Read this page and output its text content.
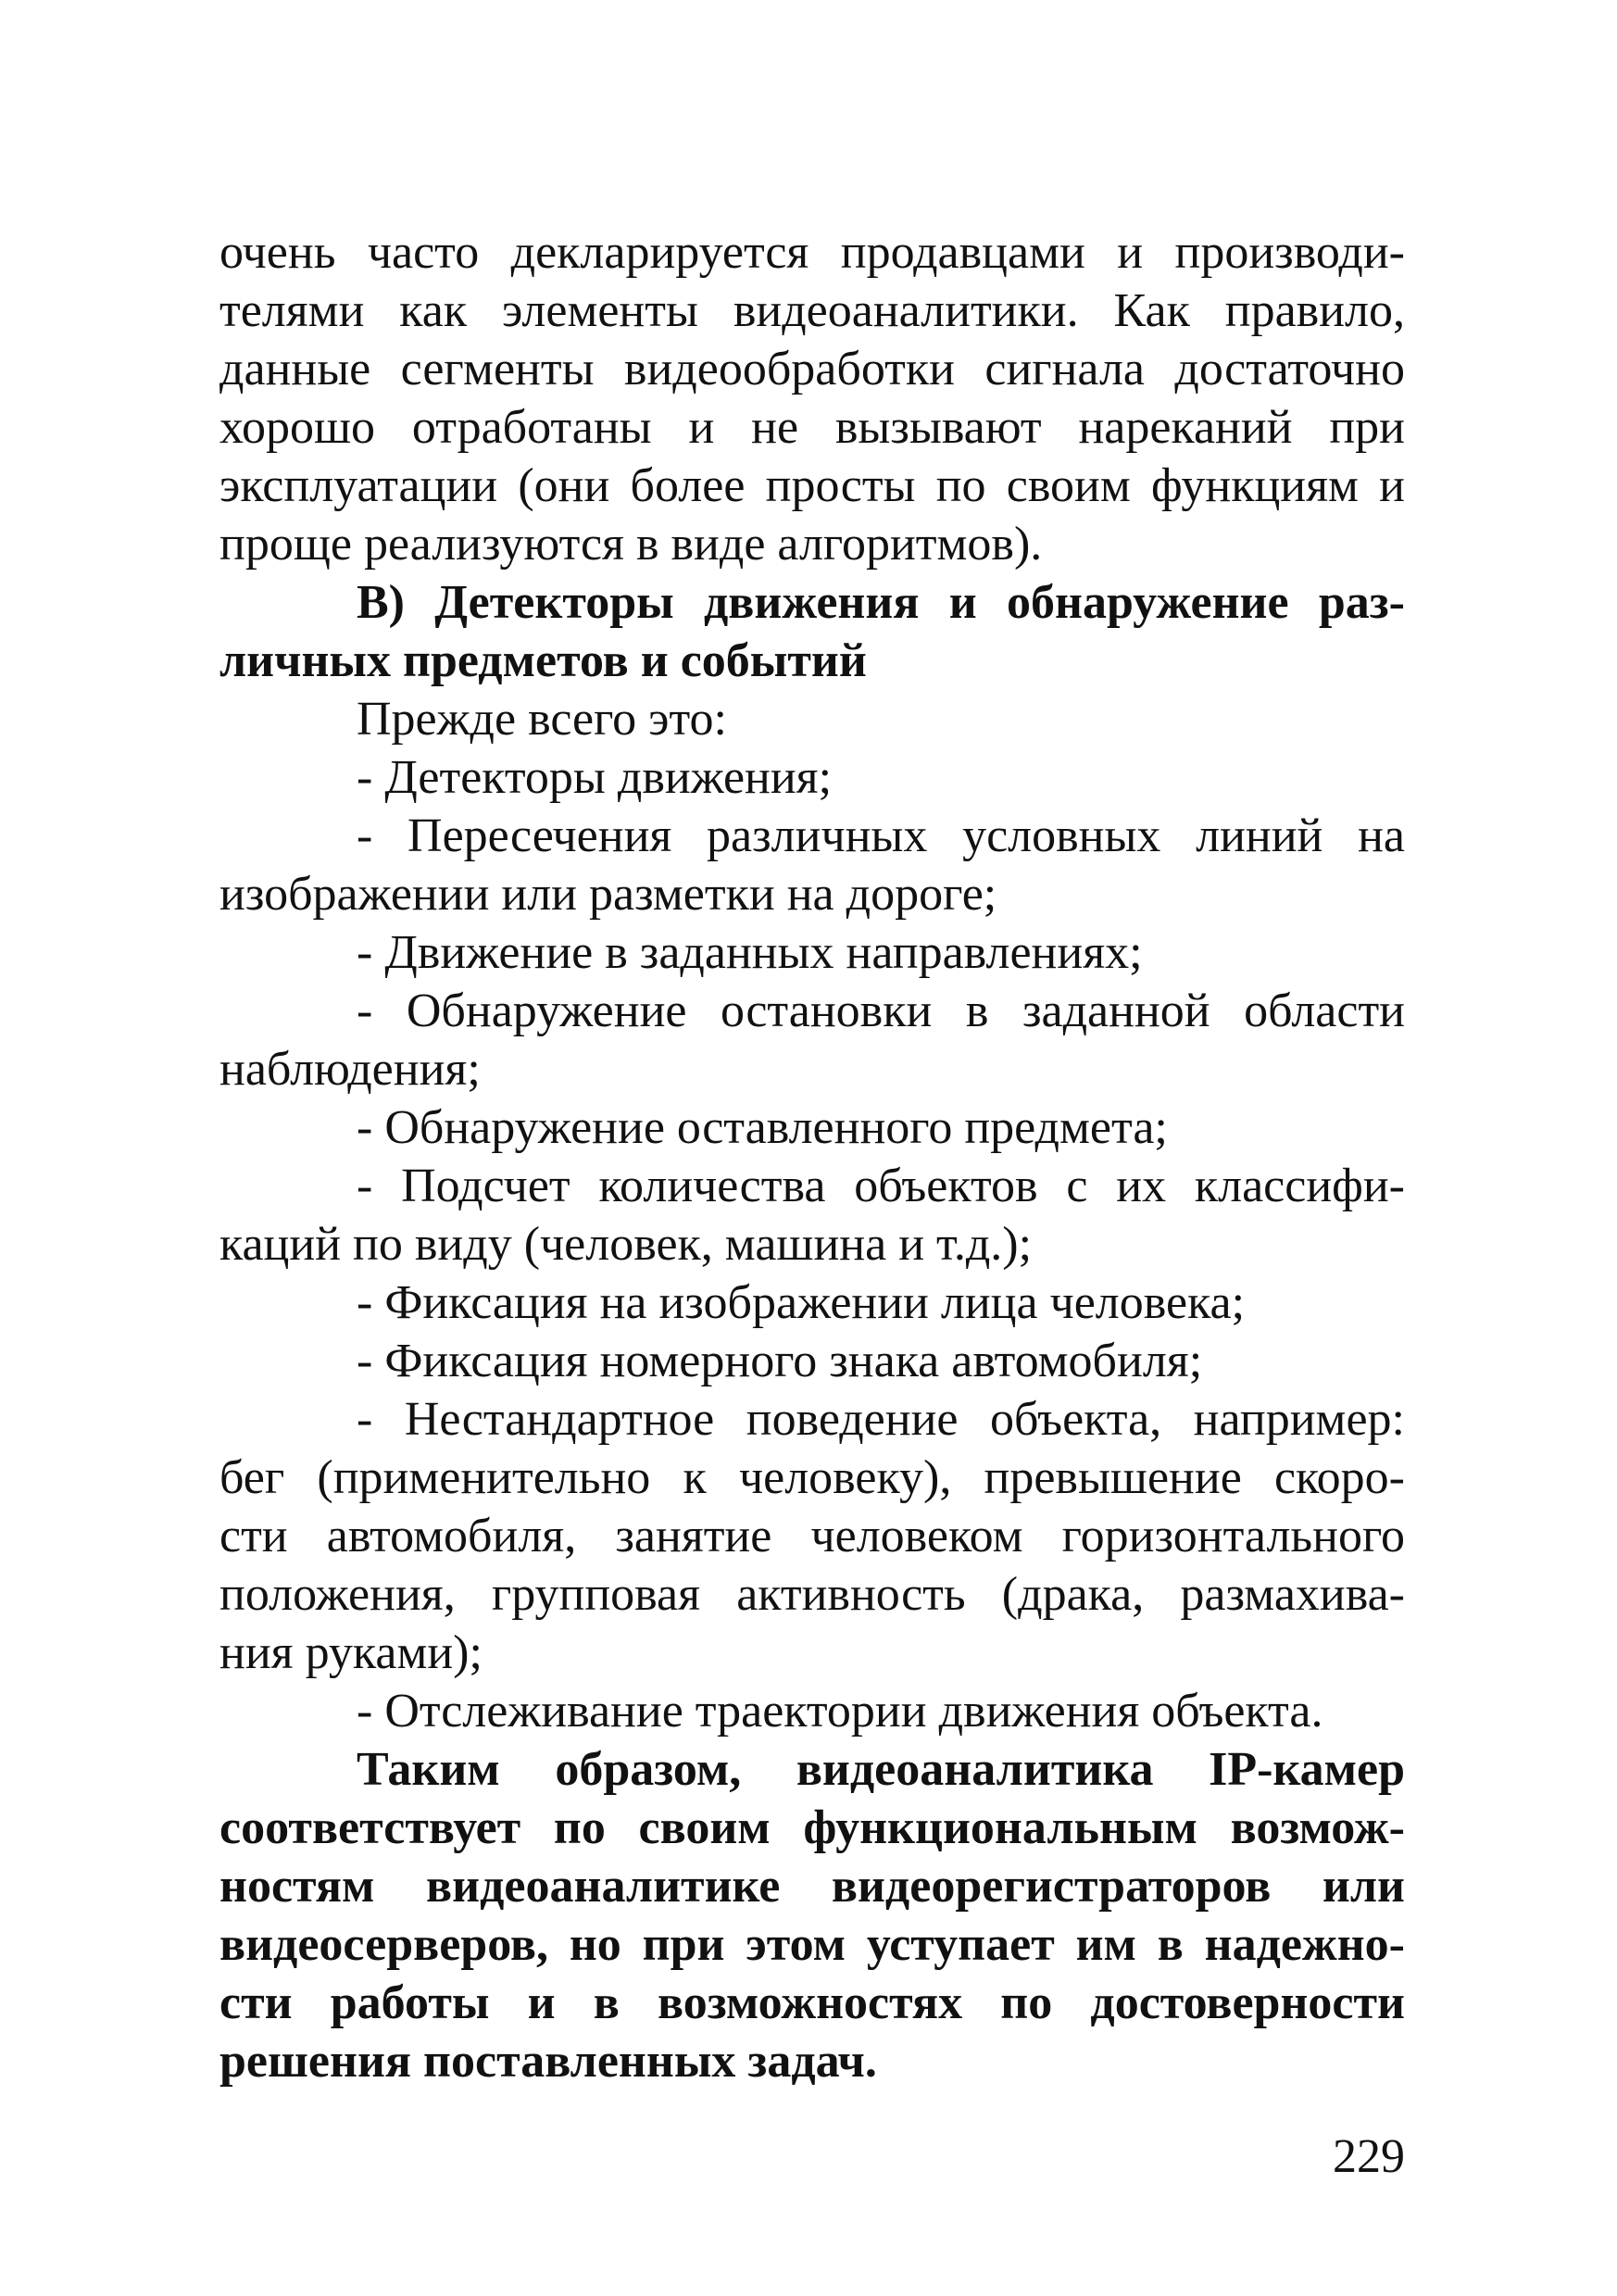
очень часто декларируется продавцами и производи-
телями как элементы видеоаналитики. Как правило,
данные сегменты видеообработки сигнала достаточно
хорошо отработаны и не вызывают нареканий при
эксплуатации (они более просты по своим функциям и
проще реализуются в виде алгоритмов).
В) Детекторы движения и обнаружение раз-
личных предметов и событий
Прежде всего это:
- Детекторы движения;
- Пересечения различных условных линий на
изображении или разметки на дороге;
- Движение в заданных направлениях;
- Обнаружение остановки в заданной области
наблюдения;
- Обнаружение оставленного предмета;
- Подсчет количества объектов с их классифи-
каций по виду (человек, машина и т.д.);
- Фиксация на изображении лица человека;
- Фиксация номерного знака автомобиля;
- Нестандартное поведение объекта, например:
бег (применительно к человеку), превышение скоро-
сти автомобиля, занятие человеком горизонтального
положения, групповая активность (драка, размахива-
ния руками);
- Отслеживание траектории движения объекта.
Таким образом, видеоаналитика IP-камер
соответствует по своим функциональным возмож-
ностям видеоаналитике видеорегистраторов или
видеосерверов, но при этом уступает им в надежно-
сти работы и в возможностях по достоверности
решения поставленных задач.
229
